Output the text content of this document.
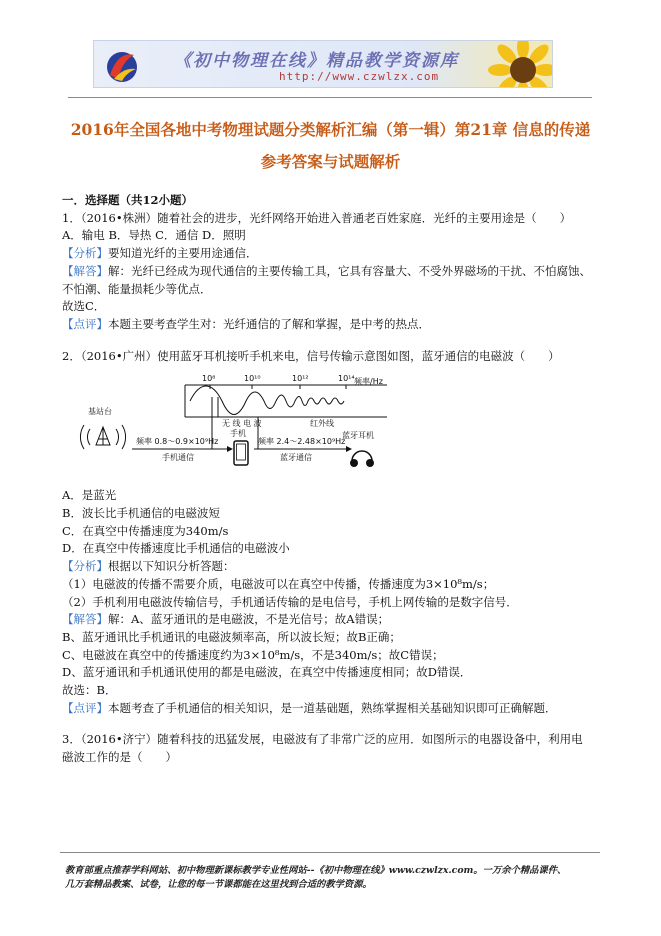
《初中物理在线》精品教学资源库
http://www.czwlzx.com
2016年全国各地中考物理试题分类解析汇编（第一辑）第21章 信息的传递
参考答案与试题解析

一．选择题（共12小题）

1．（2016•株洲）随着社会的进步，光纤网络开始进入普通老百姓家庭．光纤的主要用途是（　　）

A．输电 B．导热 C．通信 D．照明

【分析】要知道光纤的主要用途通信．

【解答】解：光纤已经成为现代通信的主要传输工具，它具有容量大、不受外界磁场的干扰、不怕腐蚀、

不怕潮、能量损耗少等优点．

故选C．

【点评】本题主要考查学生对：光纤通信的了解和掌握，是中考的热点．

2．（2016•广州）使用蓝牙耳机接听手机来电，信号传输示意图如图，蓝牙通信的电磁波（　　）

10⁸	10¹⁰	10¹²	10¹⁴ 频率/Hz
无 线 电 波	红外线
基站台
手机	蓝牙耳机
频率 0.8～0.9×10⁹Hz
手机通信
频率 2.4～2.48×10⁹Hz
蓝牙通信

A．是蓝光

B．波长比手机通信的电磁波短

C．在真空中传播速度为340m/s

D．在真空中传播速度比手机通信的电磁波小

【分析】根据以下知识分析答题：

（1）电磁波的传播不需要介质，电磁波可以在真空中传播，传播速度为3×10⁸m/s；

（2）手机利用电磁波传输信号，手机通话传输的是电信号，手机上网传输的是数字信号．

【解答】解：A、蓝牙通讯的是电磁波，不是光信号；故A错误；

B、蓝牙通讯比手机通讯的电磁波频率高，所以波长短；故B正确；

C、电磁波在真空中的传播速度约为3×10⁸m/s，不是340m/s；故C错误；

D、蓝牙通讯和手机通讯使用的都是电磁波，在真空中传播速度相同；故D错误．

故选：B．

【点评】本题考查了手机通信的相关知识，是一道基础题，熟练掌握相关基础知识即可正确解题．

3．（2016•济宁）随着科技的迅猛发展，电磁波有了非常广泛的应用．如图所示的电器设备中，利用电

磁波工作的是（　　）

教育部重点推荐学科网站、初中物理新课标教学专业性网站--《初中物理在线》www.czwlzx.com。一万余个精品课件、

几万套精品教案、试卷，让您的每一节课都能在这里找到合适的教学资源。
